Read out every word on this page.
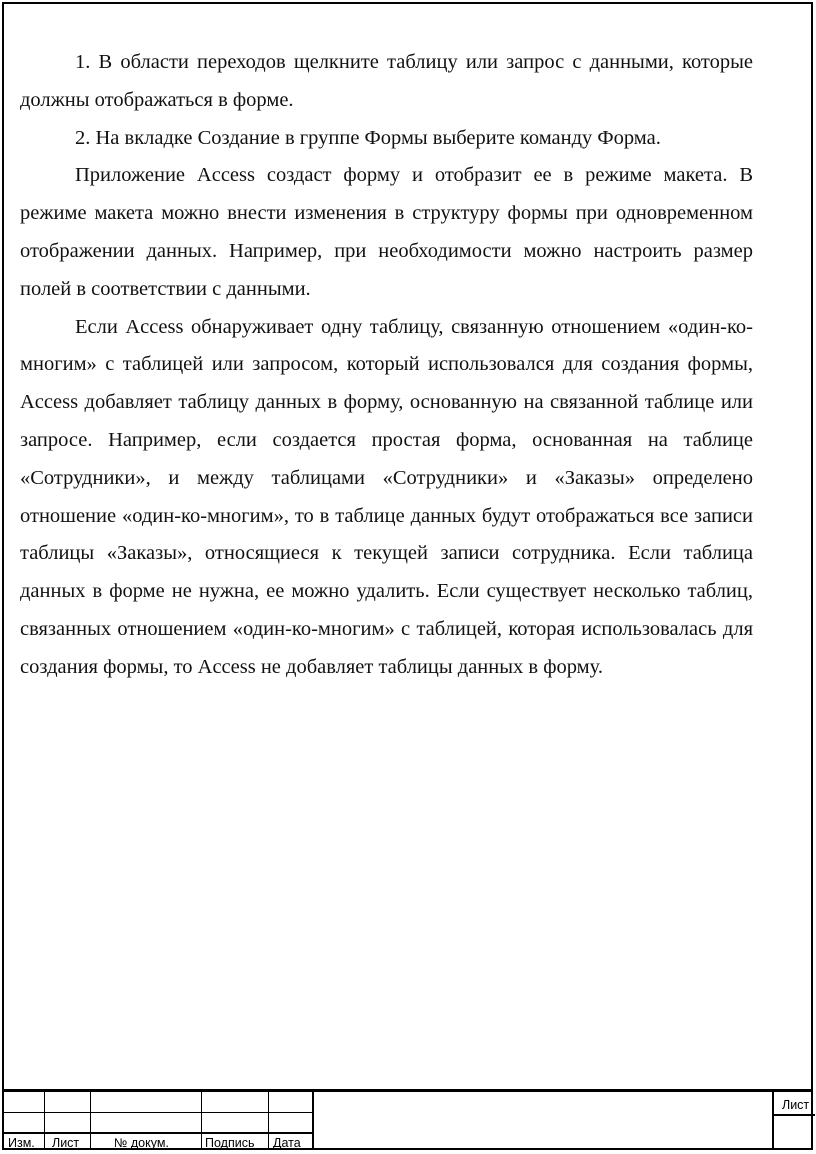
1. В области переходов щелкните таблицу или запрос с данными, которые должны отображаться в форме.

2. На вкладке Создание в группе Формы выберите команду Форма.

Приложение Access создаст форму и отобразит ее в режиме макета. В режиме макета можно внести изменения в структуру формы при одновременном отображении данных. Например, при необходимости можно настроить размер полей в соответствии с данными.

Если Access обнаруживает одну таблицу, связанную отношением «один-ко-многим» с таблицей или запросом, который использовался для создания формы, Access добавляет таблицу данных в форму, основанную на связанной таблице или запросе. Например, если создается простая форма, основанная на таблице «Сотрудники», и между таблицами «Сотрудники» и «Заказы» определено отношение «один-ко-многим», то в таблице данных будут отображаться все записи таблицы «Заказы», относящиеся к текущей записи сотрудника. Если таблица данных в форме не нужна, ее можно удалить. Если существует несколько таблиц, связанных отношением «один-ко-многим» с таблицей, которая использовалась для создания формы, то Access не добавляет таблицы данных в форму.

Изм. Лист	№ докум.	Подпись Дата
Лист
